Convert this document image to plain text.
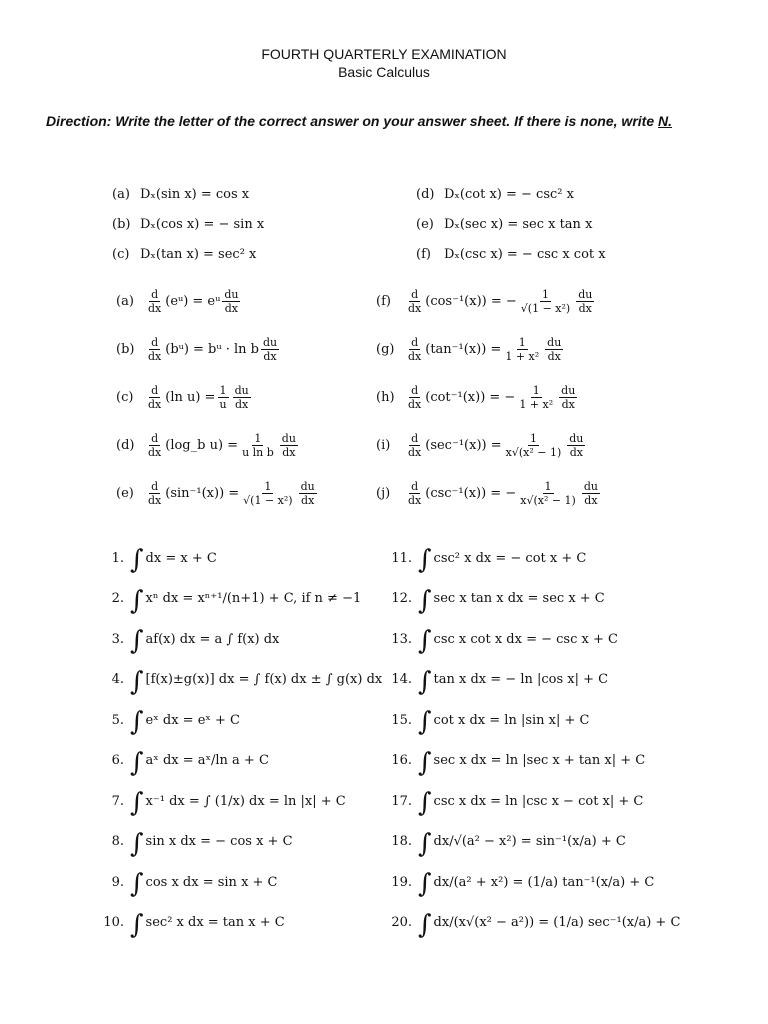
FOURTH QUARTERLY EXAMINATION
Basic Calculus
Direction: Write the letter of the correct answer on your answer sheet. If there is none, write N.
(a) Dₓ(sin x) = cos x
(b) Dₓ(cos x) = − sin x
(c) Dₓ(tan x) = sec² x
(d) Dₓ(cot x) = − csc² x
(e) Dₓ(sec x) = sec x tan x
(f) Dₓ(csc x) = − csc x cot x
(a)	$\frac{d}{dx}$ (eᵘ) = eᵘ $\frac{du}{dx}$
(b)	$\frac{d}{dx}$ (bᵘ) = bᵘ · ln b $\frac{du}{dx}$
(c)	$\frac{d}{dx} (\ln$ $u) = \frac{1}{u} \frac{du}{dx}$
(d)	$\frac{d}{dx}$ (log_b $u) = \frac{1}{\text{u ln b}} \frac{du}{dx}$
(e)	$\frac{d}{dx} (\sin^{-1}(x)) = \frac{1}{\text{√(1 − x²)}} \frac{du}{dx}$
(f)	$\frac{d}{dx} (\cos^{-1}(x))$ = − $\frac{1}{\text{√(1 − x²)}} \frac{du}{dx}$
(g)	$\frac{d}{dx} (\tan^{-1}(x)) = \frac{1}{\text{1 + x²}} \frac{du}{dx}$
(h)	$\frac{d}{dx} (\cot^{-1}(x))$ = − $\frac{1}{\text{1 + x²}} \frac{du}{dx}$
(i)	$\frac{d}{dx} (\sec^{-1}(x)) = \frac{1}{\text{x√(x² − 1)}} \frac{du}{dx}$
(j)	$\frac{d}{dx} (\csc^{-1}(x))$ = − $\frac{1}{\text{x√(x² − 1)}} \frac{du}{dx}$
1. ∫ dx = x + C
2. ∫ xⁿ dx = xⁿ⁺¹/(n+1) + C, if n ≠ −1
3. ∫ af(x) dx = a ∫ f(x) dx
4. ∫ [f(x)±g(x)] dx = ∫ f(x) dx ± ∫ g(x) dx
5. ∫ eˣ dx = eˣ + C
6. ∫ aˣ dx = aˣ/ln a + C
7. ∫ x⁻¹ dx = ∫ (1/x) dx = ln |x| + C
8. ∫ sin x dx = − cos x + C
9. ∫ cos x dx = sin x + C
10. ∫ sec² x dx = tan x + C
11. ∫ csc² x dx = − cot x + C
12. ∫ sec x tan x dx = sec x + C
13. ∫ csc x cot x dx = − csc x + C
14. ∫ tan x dx = − ln |cos x| + C
15. ∫ cot x dx = ln |sin x| + C
16. ∫ sec x dx = ln |sec x + tan x| + C
17. ∫ csc x dx = ln |csc x − cot x| + C
18. ∫ dx/√(a² − x²) = sin⁻¹(x/a) + C
19. ∫ dx/(a² + x²) = (1/a) tan⁻¹(x/a) + C
20. ∫ dx/(x√(x² − a²)) = (1/a) sec⁻¹(x/a) + C
